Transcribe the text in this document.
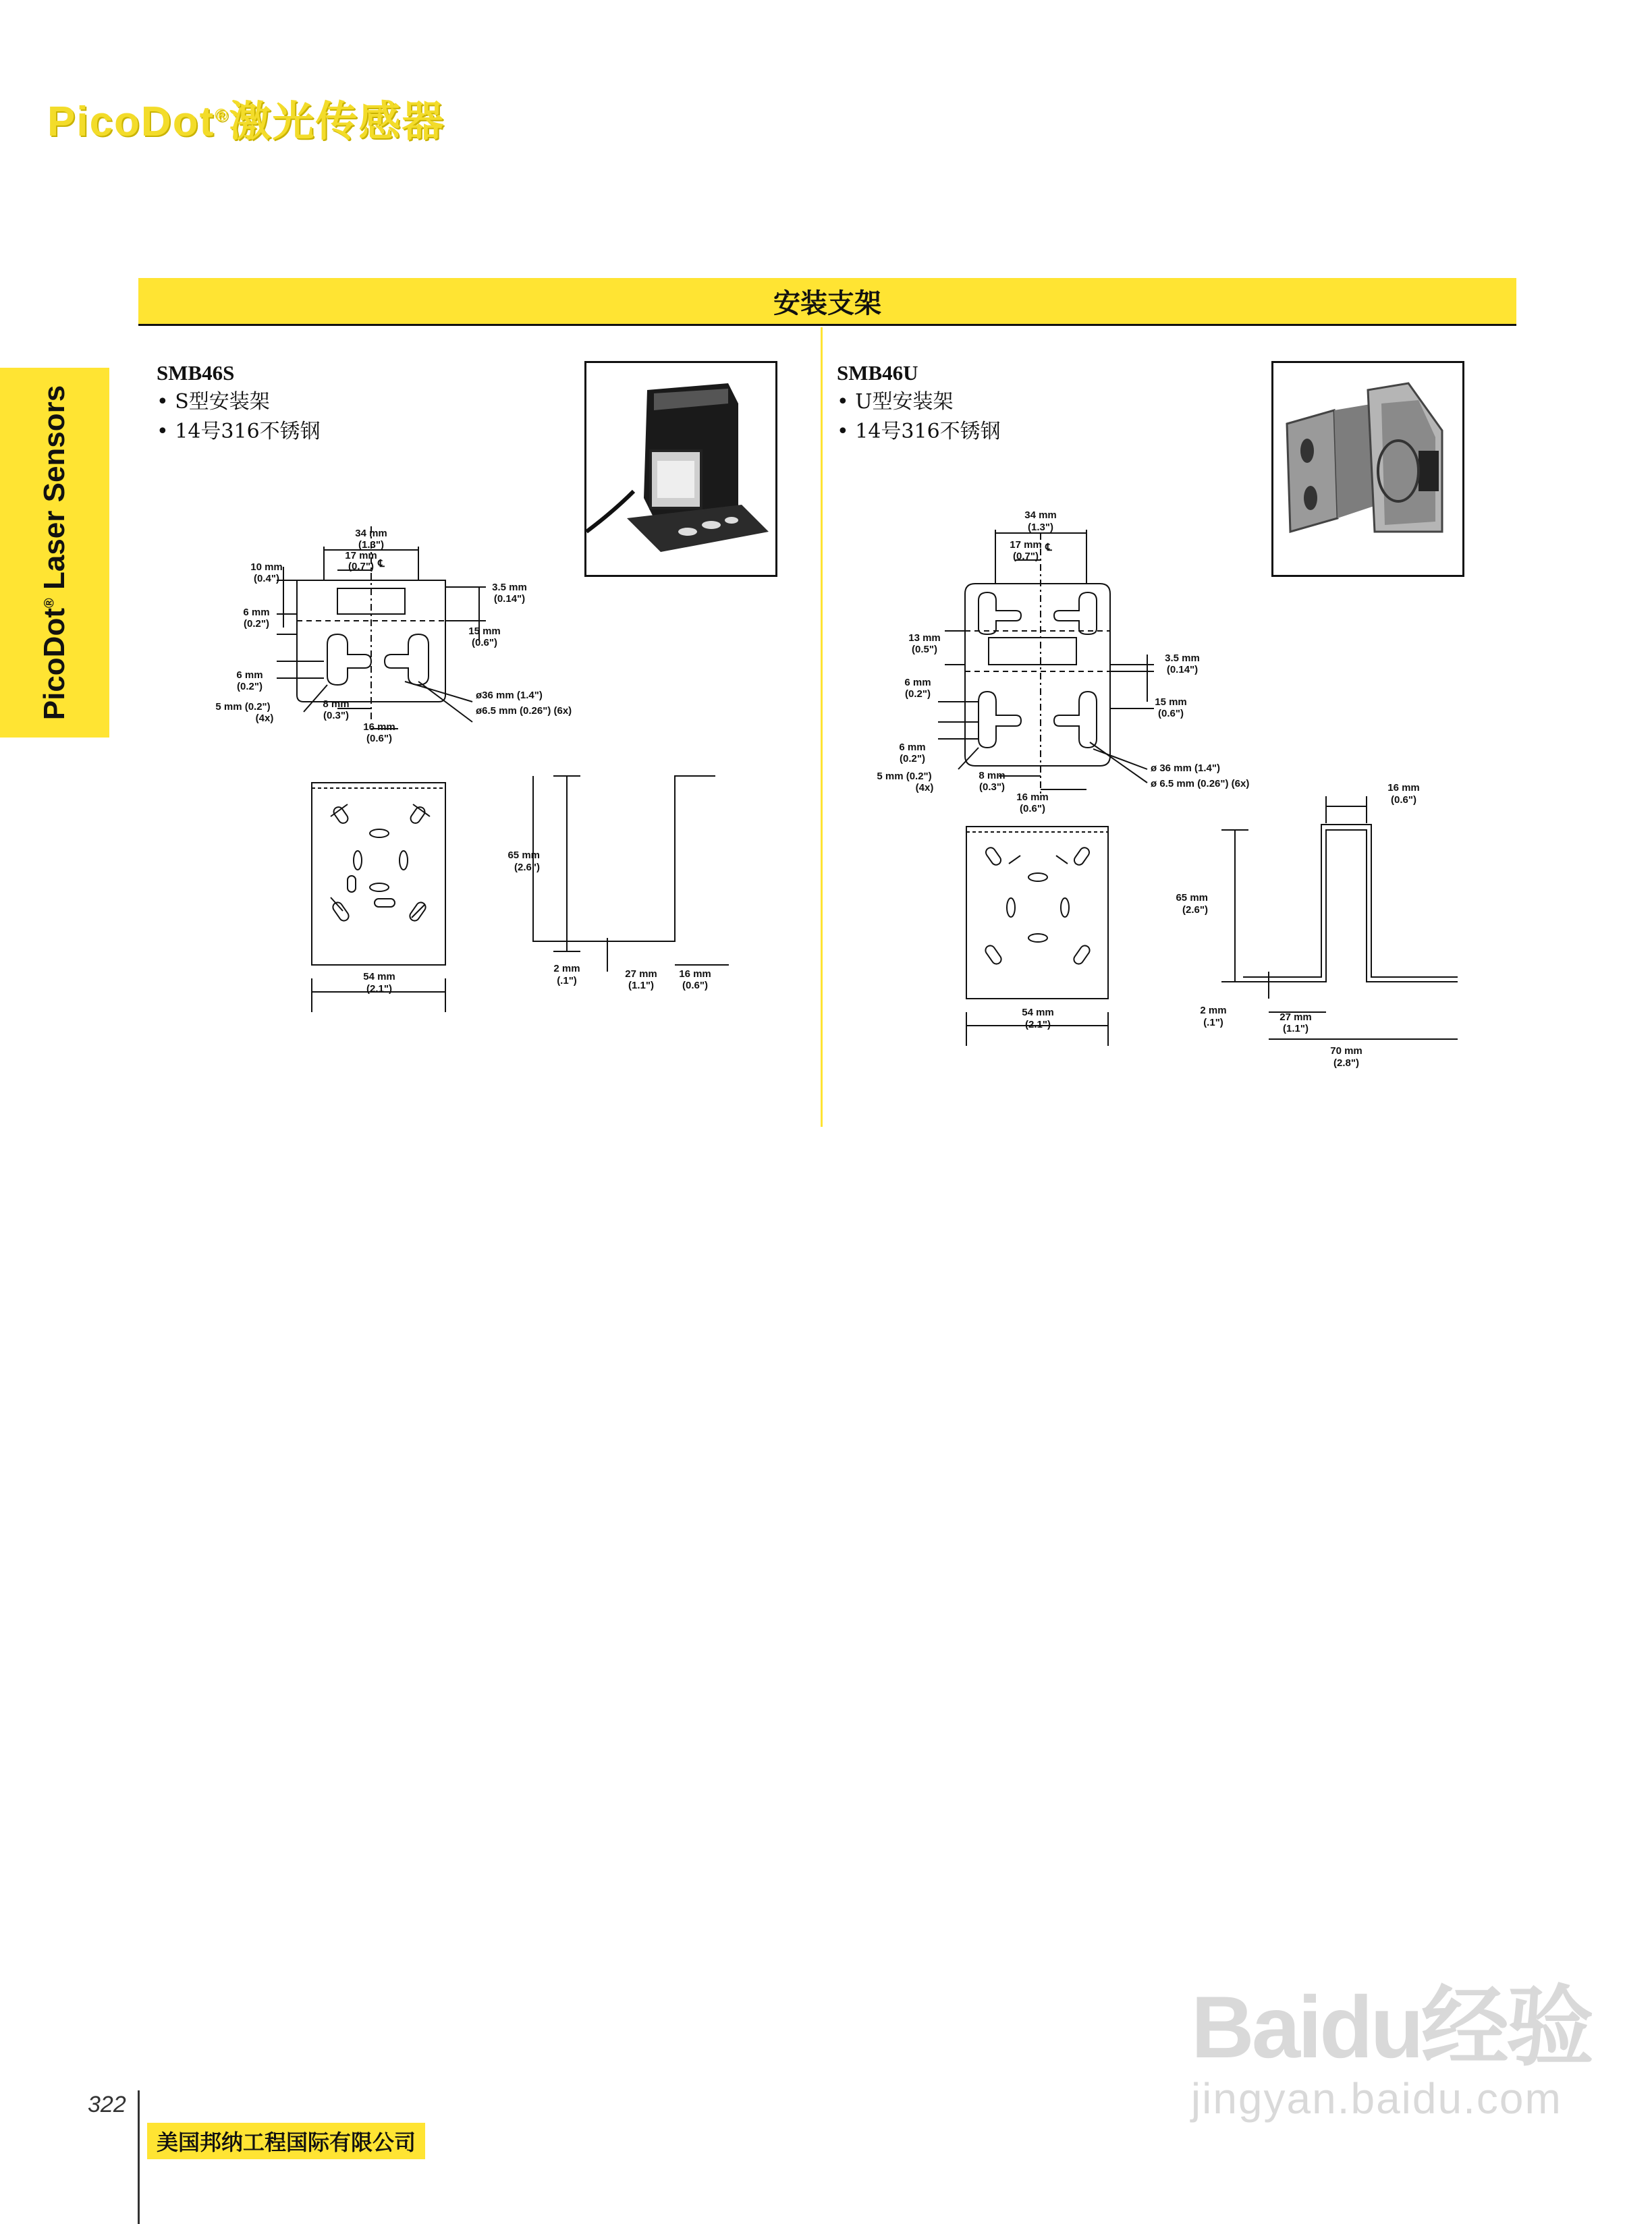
PicoDot®激光传感器
安装支架
PicoDot® Laser Sensors
SMB46S
• S型安装架
• 14号316不锈钢
34 mm
(1.3")
17 mm
(0.7") ℄
10 mm
(0.4")
3.5 mm
(0.14")
6 mm
(0.2")
15 mm
(0.6")
6 mm
(0.2")
5 mm (0.2")
(4x)
8 mm
(0.3")
16 mm
(0.6")
ø36 mm (1.4")
ø6.5 mm (0.26") (6x)
65 mm
(2.6")
54 mm
(2.1")
2 mm
(.1")
27 mm
(1.1")
16 mm
(0.6")
SMB46U
• U型安装架
• 14号316不锈钢
34 mm
(1.3")
17 mm
(0.7")
℄
13 mm
(0.5")
3.5 mm
(0.14")
6 mm
(0.2")
15 mm
(0.6")
6 mm
(0.2")
5 mm (0.2")
(4x)
8 mm
(0.3")
16 mm
(0.6")
ø 36 mm (1.4")
ø 6.5 mm (0.26") (6x)	16 mm
(0.6")
65 mm
(2.6")
54 mm
(2.1")
2 mm
(.1")	27 mm
(1.1")
70 mm
(2.8")
322
美国邦纳工程国际有限公司
Baidu经验
jingyan.baidu.com
